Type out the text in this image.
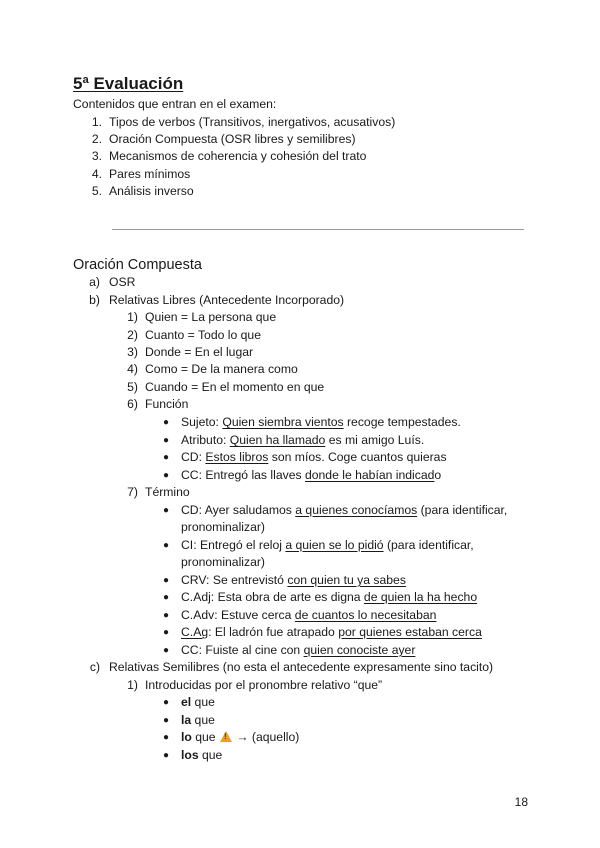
5ª Evaluación
Contenidos que entran en el examen:
1. Tipos de verbos (Transitivos, inergativos, acusativos)
2. Oración Compuesta (OSR libres y semilibres)
3. Mecanismos de coherencia y cohesión del trato
4. Pares mínimos
5. Análisis inverso
Oración Compuesta
a) OSR
b) Relativas Libres (Antecedente Incorporado)
1) Quien = La persona que
2) Cuanto = Todo lo que
3) Donde = En el lugar
4) Como = De la manera como
5) Cuando = En el momento en que
6) Función
● Sujeto: Quien siembra vientos recoge tempestades.
● Atributo: Quien ha llamado es mi amigo Luís.
● CD: Estos libros son míos. Coge cuantos quieras
● CC: Entregó las llaves donde le habían indicado
7) Término
● CD: Ayer saludamos a quienes conocíamos (para identificar,
pronominalizar)
● CI: Entregó el reloj a quien se lo pidió (para identificar,
pronominalizar)
● CRV: Se entrevistó con quien tu ya sabes
● C.Adj: Esta obra de arte es digna de quien la ha hecho
● C.Adv: Estuve cerca de cuantos lo necesitaban
● C.Ag: El ladrón fue atrapado por quienes estaban cerca
● CC: Fuiste al cine con quien conociste ayer
c) Relativas Semilibres (no esta el antecedente expresamente sino tacito)
1) Introducidas por el pronombre relativo “que”
● el que
● la que
● lo que ! → (aquello)
● los que
18
